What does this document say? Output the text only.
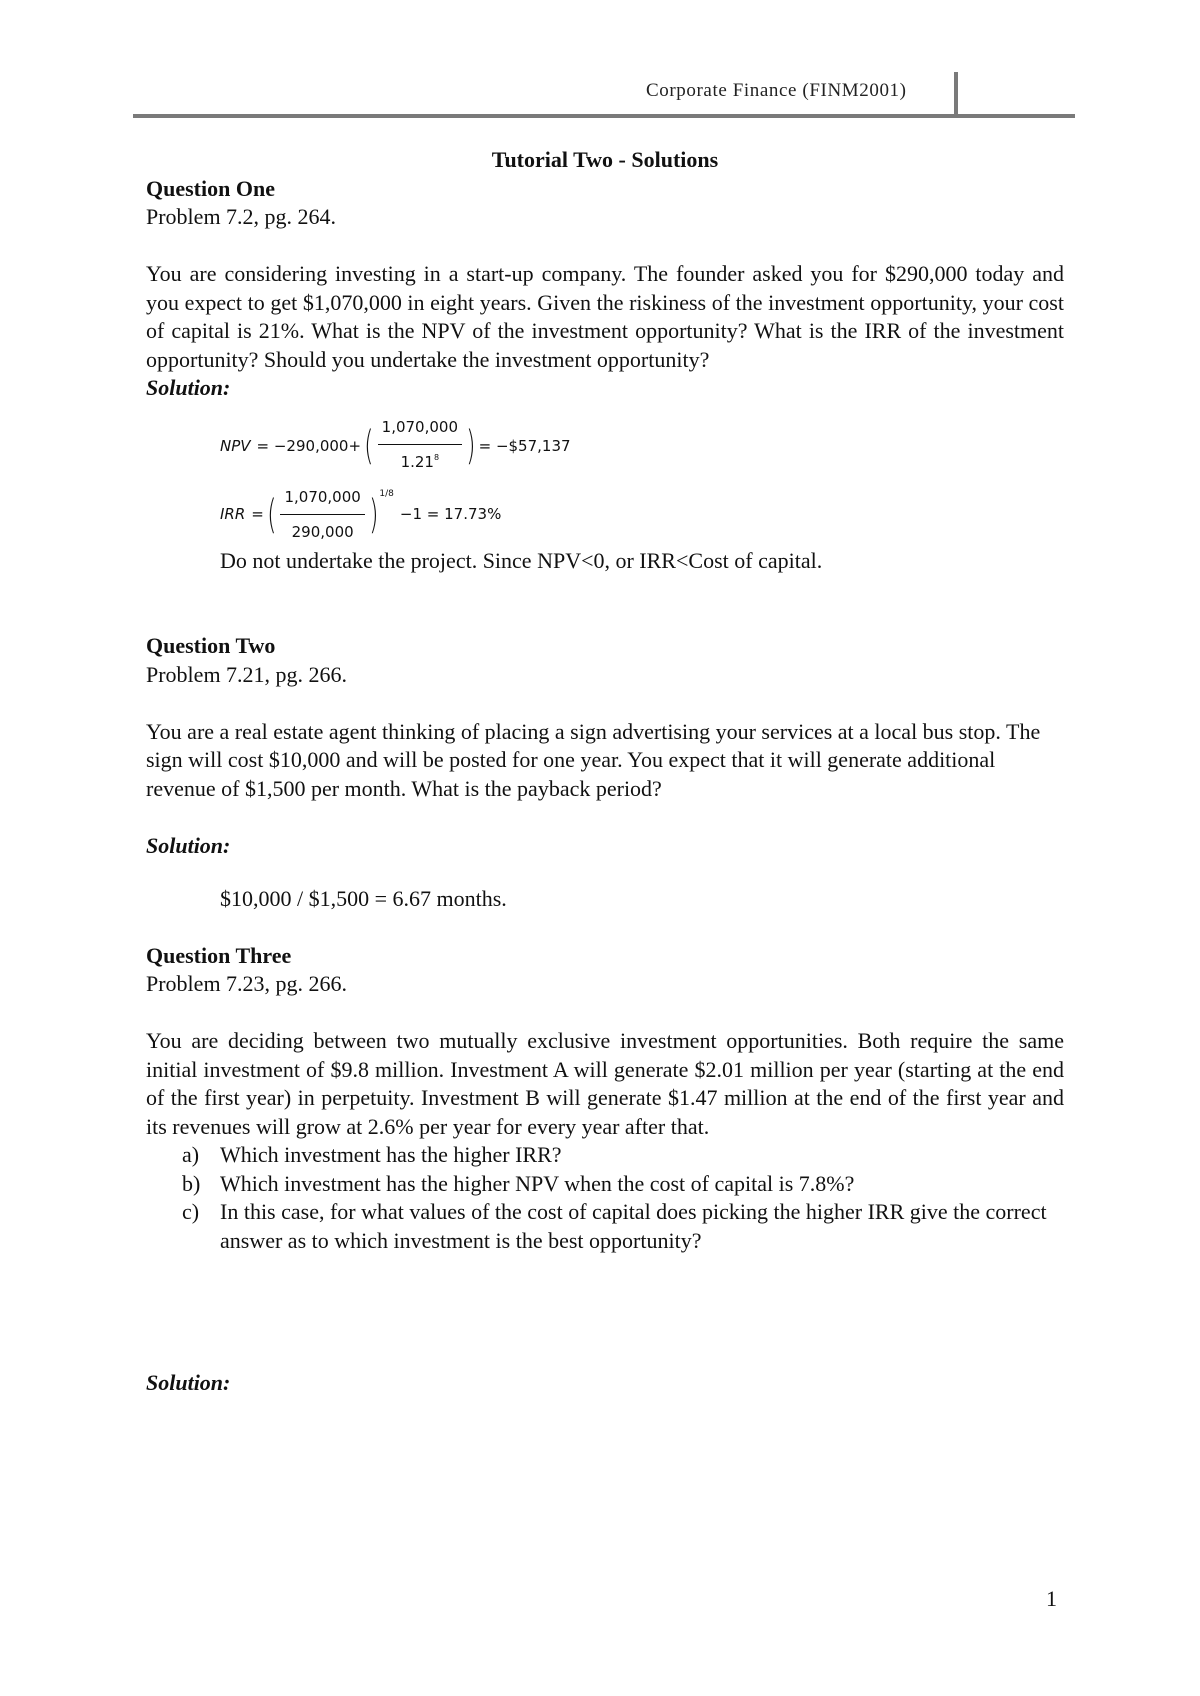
Corporate Finance (FINM2001)

Tutorial Two - Solutions

Question One

Problem 7.2, pg. 264.

You are considering investing in a start-up company. The founder asked you for $290,000 today and you expect to get $1,070,000 in eight years. Given the riskiness of the investment opportunity, your cost of capital is 21%. What is the NPV of the investment opportunity? What is the IRR of the investment opportunity? Should you undertake the investment opportunity?

Solution:

NPV = −290,000+ ( $\frac{1,070,000}{1.21^8}$ ) = −$57,137
IRR = ( $\frac{1,070,000}{290,000}$ ) 1/8
−1 = 17.73%

Do not undertake the project. Since NPV<0, or IRR<Cost of capital.

Question Two

Problem 7.21, pg. 266.

You are a real estate agent thinking of placing a sign advertising your services at a local bus stop. The sign will cost $10,000 and will be posted for one year. You expect that it will generate additional revenue of $1,500 per month. What is the payback period?

Solution:

$10,000 / $1,500 = 6.67 months.

Question Three

Problem 7.23, pg. 266.

You are deciding between two mutually exclusive investment opportunities. Both require the same initial investment of $9.8 million. Investment A will generate $2.01 million per year (starting at the end of the first year) in perpetuity. Investment B will generate $1.47 million at the end of the first year and its revenues will grow at 2.6% per year for every year after that.

a) Which investment has the higher IRR?
b) Which investment has the higher NPV when the cost of capital is 7.8%?
c) In this case, for what values of the cost of capital does picking the higher IRR give the correct answer as to which investment is the best opportunity?

Solution:

1
